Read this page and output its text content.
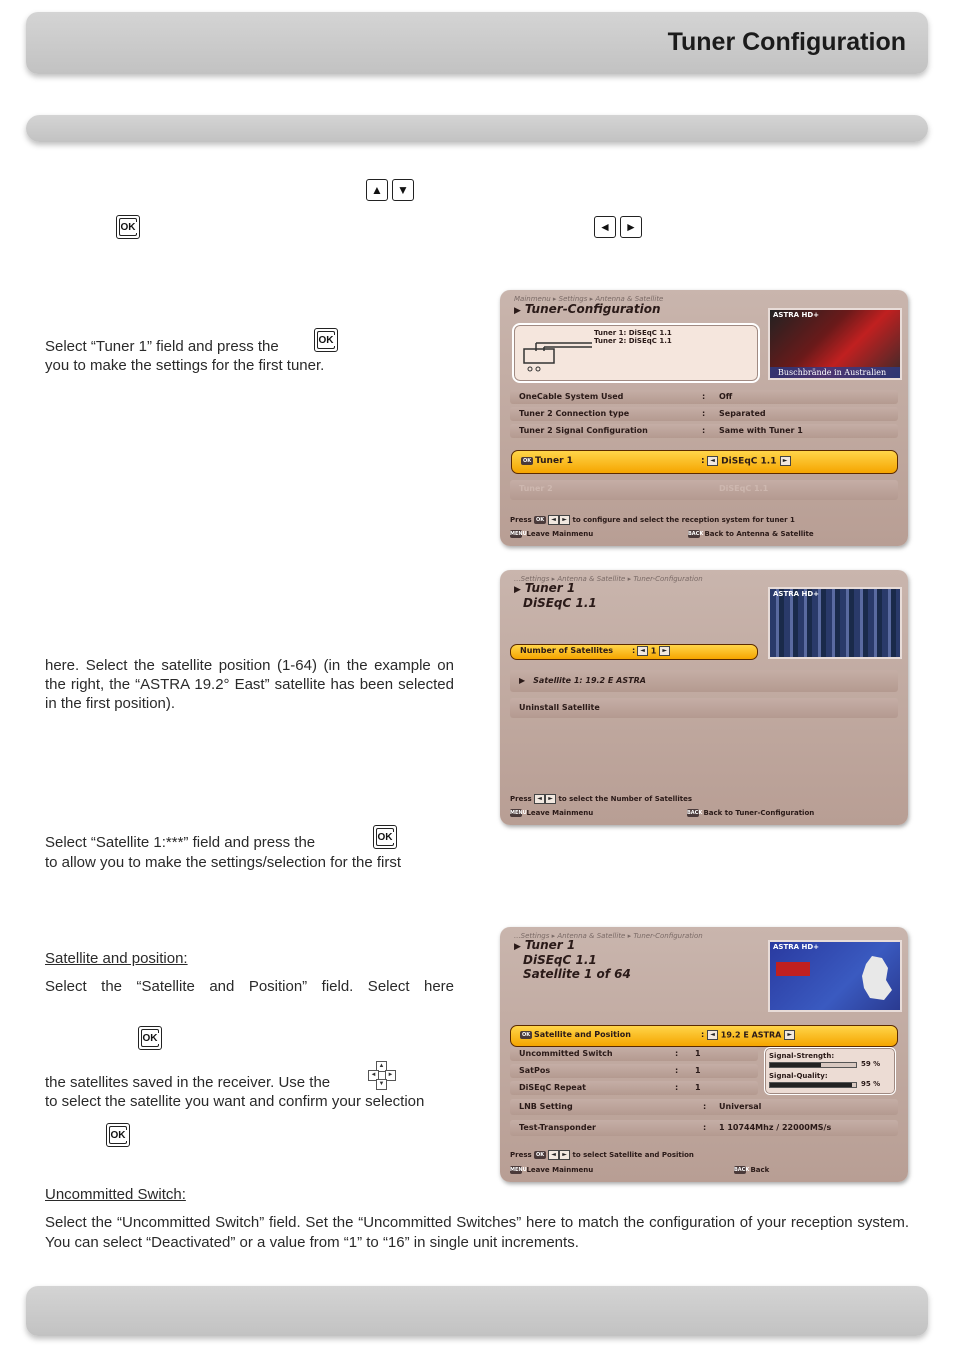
Tuner Configuration
▲	▼
OK	◄	►
Select “Tuner 1” field and press the	OK
you to make the settings for the first tuner.
here. Select the satellite position (1-64) (in the example on the right, the “ASTRA 19.2° East” satellite has been selected in the first position).
Select “Satellite 1:***” field and press the	OK
to allow you to make the settings/selection for the first
Satellite and position:
Select the “Satellite and Position” field. Select here
OK
the satellites saved in the receiver. Use the
▲
◄	►
▼
to select the satellite you want and confirm your selection
OK
Uncommitted Switch:
Select the “Uncommitted Switch” field. Set the “Uncommitted Switches” here to match the configuration of your reception system. You can select “Deactivated” or a value from “1” to “16” in single unit increments.
Mainmenu ▸ Settings ▸ Antenna & Satellite
▶ Tuner-Configuration
Tuner 1: DiSEqC 1.1
Tuner 2: DiSEqC 1.1
ASTRA HD+
Buschbrände in Australien
OneCable System Used	: Off
Tuner 2 Connection type	: Separated
Tuner 2 Signal Configuration	: Same with Tuner 1
OK Tuner 1	: ◄ DiSEqC 1.1 ►
Tuner 2	DiSEqC 1.1
Press OK ◄ ► to configure and select the reception system for tuner 1
MENU Leave Mainmenu	BACK Back to Antenna & Satellite
...Settings ▸ Antenna & Satellite ▸ Tuner-Configuration
▶ Tuner 1
DiSEqC 1.1
ASTRA HD+
Number of Satellites : ◄ 1 ►
▶ Satellite 1: 19.2 E ASTRA
Uninstall Satellite
Press ◄ ► to select the Number of Satellites
MENU Leave Mainmenu	BACK Back to Tuner-Configuration
...Settings ▸ Antenna & Satellite ▸ Tuner-Configuration
▶ Tuner 1
DiSEqC 1.1
Satellite 1 of 64
ASTRA HD+
OK Satellite and Position	: ◄ 19.2 E ASTRA ►
Uncommitted Switch	: 1
SatPos	: 1
DiSEqC Repeat	: 1
Signal-Strength:
59 %
Signal-Quality:
95 %
LNB Setting	: Universal
Test-Transponder	: 1 10744Mhz / 22000MS/s
Press OK ◄ ► to select Satellite and Position
MENU Leave Mainmenu	BACK Back
